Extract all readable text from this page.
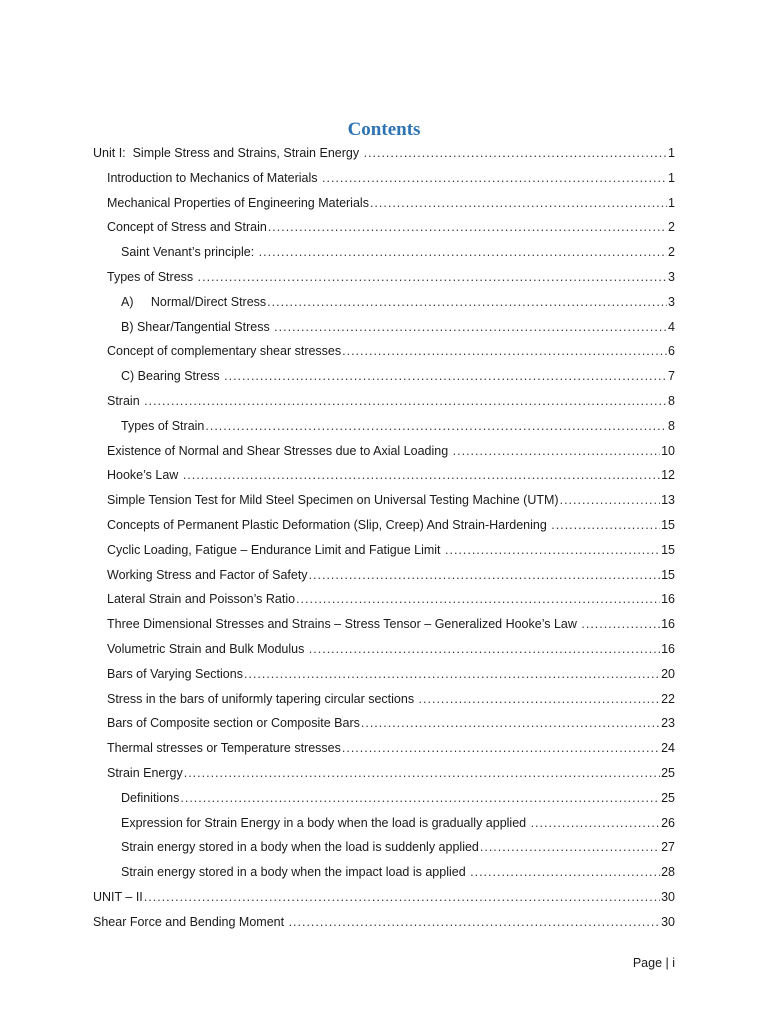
Contents
Unit I:  Simple Stress and Strains, Strain Energy .....	1
Introduction to Mechanics of Materials .....	1
Mechanical Properties of Engineering Materials .....	1
Concept of Stress and Strain .....	2
Saint Venant’s principle: .....	2
Types of Stress .....	3
A)     Normal/Direct Stress .....	3
B) Shear/Tangential Stress .....	4
Concept of complementary shear stresses .....	6
C) Bearing Stress .....	7
Strain .....	8
Types of Strain .....	8
Existence of Normal and Shear Stresses due to Axial Loading .....	10
Hooke’s Law .....	12
Simple Tension Test for Mild Steel Specimen on Universal Testing Machine (UTM) .....	13
Concepts of Permanent Plastic Deformation (Slip, Creep) And Strain-Hardening .....	15
Cyclic Loading, Fatigue – Endurance Limit and Fatigue Limit .....	15
Working Stress and Factor of Safety .....	15
Lateral Strain and Poisson’s Ratio .....	16
Three Dimensional Stresses and Strains – Stress Tensor – Generalized Hooke’s Law .....	16
Volumetric Strain and Bulk Modulus .....	16
Bars of Varying Sections .....	20
Stress in the bars of uniformly tapering circular sections .....	22
Bars of Composite section or Composite Bars .....	23
Thermal stresses or Temperature stresses .....	24
Strain Energy .....	25
Definitions .....	25
Expression for Strain Energy in a body when the load is gradually applied .....	26
Strain energy stored in a body when the load is suddenly applied .....	27
Strain energy stored in a body when the impact load is applied .....	28
UNIT – II .....	30
Shear Force and Bending Moment .....	30
Page | i
